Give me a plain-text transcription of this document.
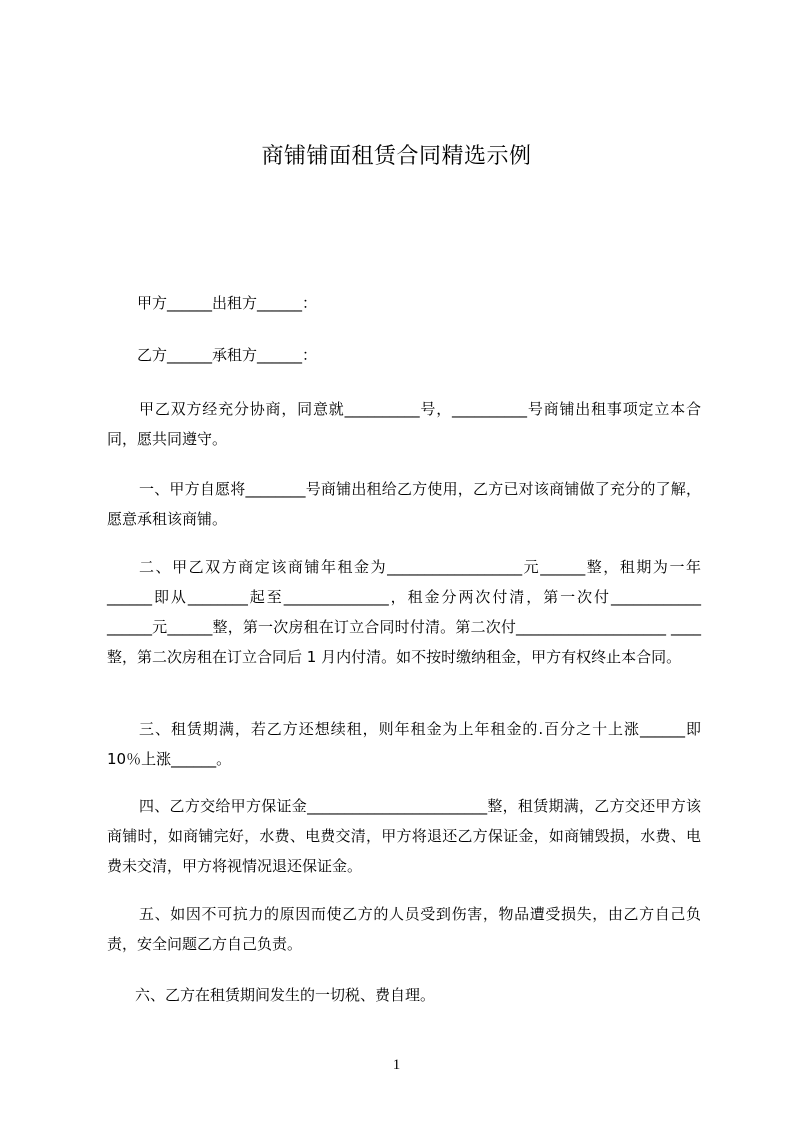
商铺铺面租赁合同精选示例
甲方______出租方______：
乙方______承租方______：
甲乙双方经充分协商，同意就__________号，__________号商铺出租事项定立本合同，愿共同遵守。
一、甲方自愿将________号商铺出租给乙方使用，乙方已对该商铺做了充分的了解，愿意承租该商铺。
二、甲乙双方商定该商铺年租金为__________________元______整，租期为一年______即从________起至______________，租金分两次付清，第一次付____________ ______元______整，第一次房租在订立合同时付清。第二次付____________________ ____整，第二次房租在订立合同后 1 月内付清。如不按时缴纳租金，甲方有权终止本合同。
三、租赁期满，若乙方还想续租，则年租金为上年租金的.百分之十上涨______即10％上涨______。
四、乙方交给甲方保证金________________________整，租赁期满，乙方交还甲方该商铺时，如商铺完好，水费、电费交清，甲方将退还乙方保证金，如商铺毁损，水费、电费未交清，甲方将视情况退还保证金。
五、如因不可抗力的原因而使乙方的人员受到伤害，物品遭受损失，由乙方自己负责，安全问题乙方自己负责。
六、乙方在租赁期间发生的一切税、费自理。
1
